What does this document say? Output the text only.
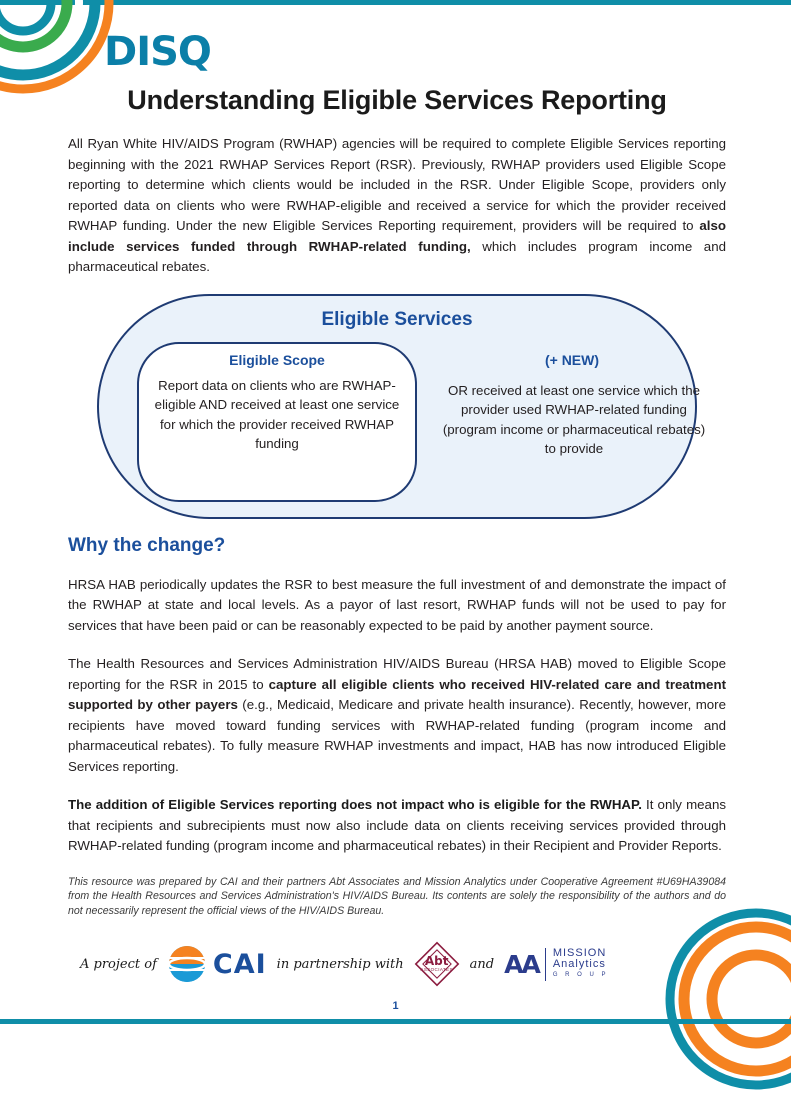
DISQ
Understanding Eligible Services Reporting

All Ryan White HIV/AIDS Program (RWHAP) agencies will be required to complete Eligible Services reporting beginning with the 2021 RWHAP Services Report (RSR). Previously, RWHAP providers used Eligible Scope reporting to determine which clients would be included in the RSR. Under Eligible Scope, providers only reported data on clients who were RWHAP-eligible and received a service for which the provider received RWHAP funding. Under the new Eligible Services Reporting requirement, providers will be required to also include services funded through RWHAP-related funding, which includes program income and pharmaceutical rebates.

Eligible Services
Eligible Scope
Report data on clients who are RWHAP-eligible AND received at least one service for which the provider received RWHAP funding
(+ NEW)
OR received at least one service which the provider used RWHAP-related funding (program income or pharmaceutical rebates) to provide
Why the change?

HRSA HAB periodically updates the RSR to best measure the full investment of and demonstrate the impact of the RWHAP at state and local levels. As a payor of last resort, RWHAP funds will not be used to pay for services that have been paid or can be reasonably expected to be paid by another payment source.

The Health Resources and Services Administration HIV/AIDS Bureau (HRSA HAB) moved to Eligible Scope reporting for the RSR in 2015 to capture all eligible clients who received HIV-related care and treatment supported by other payers (e.g., Medicaid, Medicare and private health insurance). Recently, however, more recipients have moved toward funding services with RWHAP-related funding (program income and pharmaceutical rebates). To fully measure RWHAP investments and impact, HAB has now introduced Eligible Services reporting.

The addition of Eligible Services reporting does not impact who is eligible for the RWHAP. It only means that recipients and subrecipients must now also include data on clients receiving services provided through RWHAP-related funding (program income and pharmaceutical rebates) in their Recipient and Provider Reports.

This resource was prepared by CAI and their partners Abt Associates and Mission Analytics under Cooperative Agreement #U69HA39084 from the Health Resources and Services Administration's HIV/AIDS Bureau. Its contents are solely the responsibility of the authors and do not necessarily represent the official views of the HIV/AIDS Bureau.

A project of CAI in partnership with	Abt
ASSOCIATES	and AA MISSION
Analytics
G R O U P
1
